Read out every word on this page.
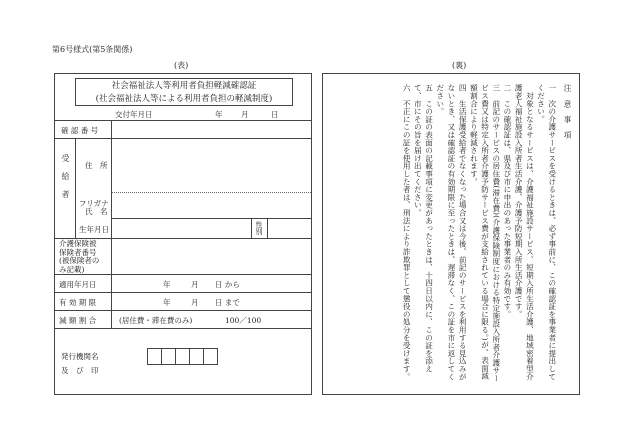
第6号様式(第5条関係)
(表)	(裏)
社会福祉法人等利用者負担軽減確認証
(社会福祉法人等による利用者負担の軽減制度)
交付年月日	年 月	日
確 認 番 号
受給者 住　所
フリガナ
氏　名
生年月日	性別
介護保険被
保険者番号
(被保険者の
み記載)
適用年月日	年	月 日 から
有 効 期 限	年	月 日 まで
減 額 割 合	(居住費・滞在費のみ)	100／100
発行機関名
及　び　印

注　意　事　項

一　次の介護サービスを受けるときは、必ず事前に、この確認証を事業者に提出してください。

　対象となるサービスは、介護福祉施設サービス、短期入所生活介護、地域密着型介護老人福祉施設入所者生活介護、介護予防短期入所生活介護です。

二　この確認証は、県及び市に申出のあった事業者のみ有効です。

三　前記のサービスの居住費(滞在費)(介護保険制度における特定施設入所者介護サービス費又は特定入所者介護予防サービス費が支給されている場合に限る。)が、表面減額割合により軽減されます。

四　生活保護受給者でなくなった場合又は今後、前記のサービスを利用する見込みがないとき、又は確認証の有効期限に至ったときは、遅滞なく、この証を市に返してください。

五　この証の表面の記載事項に変更があったときは、十四日以内に、この証を添えて、市にその旨を届け出てください。

六　不正にこの証を使用した者は、刑法により詐欺罪として懲役の処分を受けます。
